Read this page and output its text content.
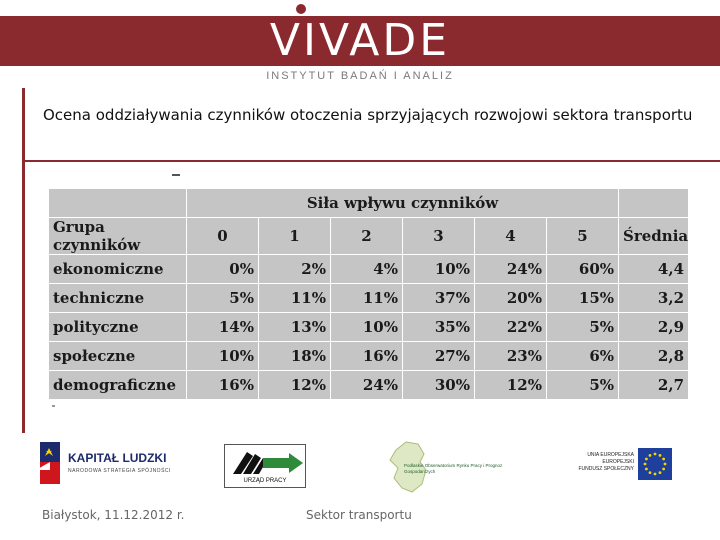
VIVADE
INSTYTUT BADAŃ I ANALIZ
Ocena oddziaływania czynników otoczenia sprzyjających rozwojowi sektora transportu
	Siła wpływu czynników						
Grupa czynników	0	1	2	3	4	5	Średnia
ekonomiczne	0%	2%	4%	10%	24%	60%	4,4
techniczne	5%	11%	11%	37%	20%	15%	3,2
polityczne	14%	13%	10%	35%	22%	5%	2,9
społeczne	10%	18%	16%	27%	23%	6%	2,8
demograficzne	16%	12%	24%	30%	12%	5%	2,7
KAPITAŁ LUDZKI
NARODOWA STRATEGIA SPÓJNOŚCI
URZĄD PRACY
Podlaskie Obserwatorium Rynku Pracy i Prognoz Gospodarczych
UNIA EUROPEJSKA
EUROPEJSKI
FUNDUSZ SPOŁECZNY
Białystok, 11.12.2012 r.	Sektor transportu
